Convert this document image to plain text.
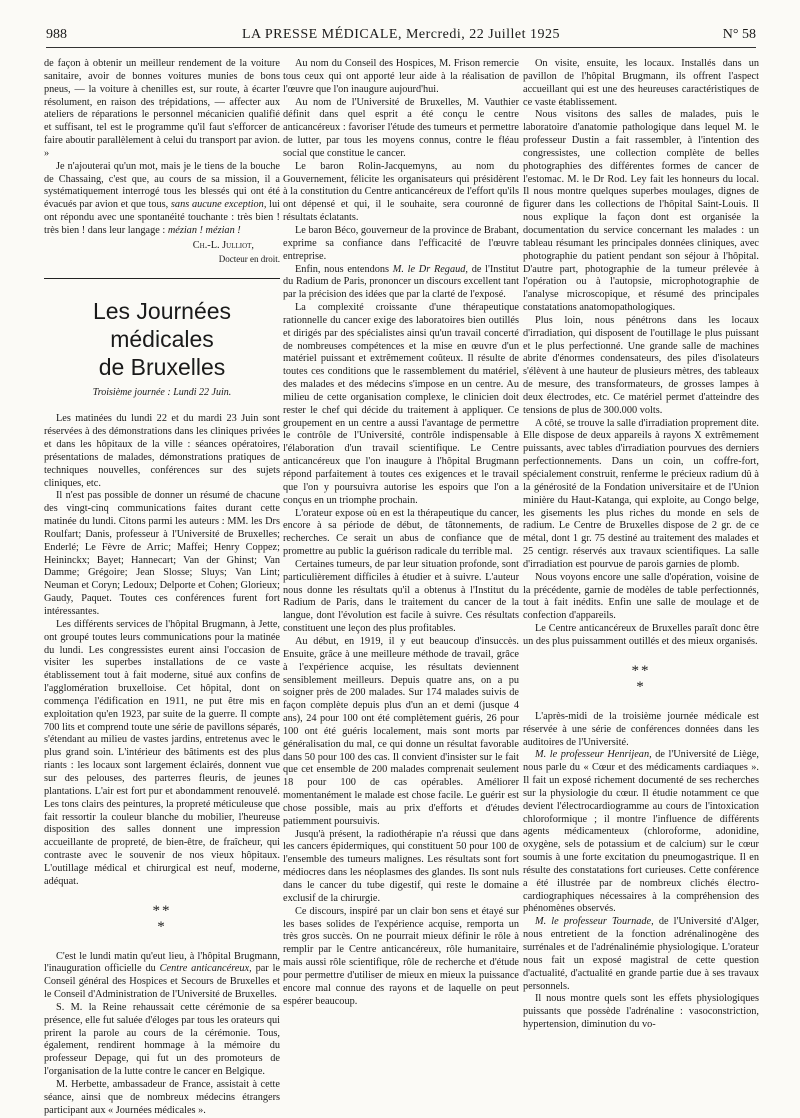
988	LA PRESSE MÉDICALE, Mercredi, 22 Juillet 1925	N° 58

de façon à obtenir un meilleur rendement de la voiture sanitaire, avoir de bonnes voitures munies de bons pneus, — la voiture à chenilles est, sur route, à écarter résolument, en raison des trépidations, — affecter aux ateliers de réparations le personnel mécanicien qualifié et suffisant, tel est le programme qu'il faut s'efforcer de faire aboutir parallèlement à celui du transport par avion. »

Je n'ajouterai qu'un mot, mais je le tiens de la bouche de Chassaing, c'est que, au cours de sa mission, il a systématiquement interrogé tous les blessés qui ont été évacués par avion et que tous, sans aucune exception, lui ont répondu avec une spontanéité touchante : très bien ! très bien ! dans leur langage : mézian ! mézian !

Ch.-L. Julliot,
Docteur en droit.
Les Journées médicales
de Bruxelles
Troisième journée : Lundi 22 Juin.

Les matinées du lundi 22 et du mardi 23 Juin sont réservées à des démonstrations dans les cliniques privées et dans les hôpitaux de la ville : séances opératoires, présentations de malades, démonstrations pratiques de techniques nouvelles, conférences sur des sujets cliniques, etc.

Il n'est pas possible de donner un résumé de chacune des vingt-cinq communications faites durant cette matinée du lundi. Citons parmi les auteurs : MM. les Drs Roulfart; Danis, professeur à l'Université de Bruxelles; Enderlé; Le Fèvre de Arric; Maffei; Henry Coppez; Heininckx; Bayet; Hannecart; Van der Ghinst; Van Damme; Grégoire; Jean Slosse; Sluys; Van Lint; Neuman et Coryn; Ledoux; Delporte et Cohen; Glorieux; Gaudy, Paquet. Toutes ces conférences furent fort intéressantes.

Les différents services de l'hôpital Brugmann, à Jette, ont groupé toutes leurs communications pour la matinée du lundi. Les congressistes eurent ainsi l'occasion de visiter les superbes installations de ce vaste établissement tout à fait moderne, situé aux confins de l'agglomération bruxelloise. Cet hôpital, dont on commença l'édification en 1911, ne put être mis en exploitation qu'en 1923, par suite de la guerre. Il compte 700 lits et comprend toute une série de pavillons séparés, s'étendant au milieu de vastes jardins, entretenus avec le plus grand soin. L'intérieur des bâtiments est des plus riants : les locaux sont largement éclairés, donnent vue sur des pelouses, des parterres fleuris, de jeunes plantations. L'air est fort pur et abondamment renouvelé. Les tons clairs des peintures, la propreté méticuleuse que fait ressortir la couleur blanche du mobilier, l'heureuse disposition des salles donnent une impression accueillante de propreté, de bien-être, de fraîcheur, qui contraste avec le souvenir de nos vieux hôpitaux. L'outillage médical et chirurgical est neuf, moderne, adéquat.

**
*

C'est le lundi matin qu'eut lieu, à l'hôpital Brugmann, l'inauguration officielle du Centre anticancéreux, par le Conseil général des Hospices et Secours de Bruxelles et le Conseil d'Administration de l'Université de Bruxelles.

S. M. la Reine rehaussait cette cérémonie de sa présence, elle fut saluée d'éloges par tous les orateurs qui prirent la parole au cours de la cérémonie. Tous, également, rendirent hommage à la mémoire du professeur Depage, qui fut un des promoteurs de l'organisation de la lutte contre le cancer en Belgique.

M. Herbette, ambassadeur de France, assistait à cette séance, ainsi que de nombreux médecins étrangers participant aux « Journées médicales ».

Au nom du Conseil des Hospices, M. Frison remercie tous ceux qui ont apporté leur aide à la réalisation de l'œuvre que l'on inaugure aujourd'hui.

Au nom de l'Université de Bruxelles, M. Vauthier définit dans quel esprit a été conçu le centre anticancéreux : favoriser l'étude des tumeurs et permettre de lutter, par tous les moyens connus, contre le fléau social que constitue le cancer.

Le baron Rolin-Jacquemyns, au nom du Gouvernement, félicite les organisateurs qui présidèrent à la constitution du Centre anticancéreux de l'effort qu'ils ont dépensé et qui, il le souhaite, sera couronné de résultats éclatants.

Le baron Béco, gouverneur de la province de Brabant, exprime sa confiance dans l'efficacité de l'œuvre entreprise.

Enfin, nous entendons M. le Dr Regaud, de l'Institut du Radium de Paris, prononcer un discours excellent tant par la précision des idées que par la clarté de l'exposé.

La complexité croissante d'une thérapeutique rationnelle du cancer exige des laboratoires bien outillés et dirigés par des spécialistes ainsi qu'un travail concerté de nombreuses compétences et la mise en œuvre d'un matériel puissant et extrêmement coûteux. Il résulte de toutes ces conditions que le rassemblement du matériel, des malades et des médecins s'impose en un centre. Au milieu de cette organisation complexe, le clinicien doit rester le chef qui décide du traitement à appliquer. Ce groupement en un centre a aussi l'avantage de permettre le contrôle de l'Université, contrôle indispensable à l'élaboration d'un travail scientifique. Le Centre anticancéreux que l'on inaugure à l'hôpital Brugmann répond parfaitement à toutes ces exigences et le travail que l'on y poursuivra autorise les espoirs que l'on a conçus en un triomphe prochain.

L'orateur expose où en est la thérapeutique du cancer, encore à sa période de début, de tâtonnements, de recherches. Ce serait un abus de confiance que de promettre au public la guérison radicale du terrible mal.

Certaines tumeurs, de par leur situation profonde, sont particulièrement difficiles à étudier et à suivre. L'auteur nous donne les résultats qu'il a obtenus à l'Institut du Radium de Paris, dans le traitement du cancer de la langue, dont l'évolution est facile à suivre. Ces résultats constituent une leçon des plus profitables.

Au début, en 1919, il y eut beaucoup d'insuccès. Ensuite, grâce à une meilleure méthode de travail, grâce à l'expérience acquise, les résultats deviennent sensiblement meilleurs. Depuis quatre ans, on a pu soigner près de 200 malades. Sur 174 malades suivis de façon complète depuis plus d'un an et demi (jusque 4 ans), 24 pour 100 ont été complètement guéris, 26 pour 100 ont été guéris localement, mais sont morts par généralisation du mal, ce qui donne un résultat favorable dans 50 pour 100 des cas. Il convient d'insister sur le fait que cet ensemble de 200 malades comprenait seulement 18 pour 100 de cas opérables. Améliorer momentanément le malade est chose facile. Le guérir est chose possible, mais au prix d'efforts et d'études patiemment poursuivis.

Jusqu'à présent, la radiothérapie n'a réussi que dans les cancers épidermiques, qui constituent 50 pour 100 de l'ensemble des tumeurs malignes. Les résultats sont fort médiocres dans les néoplasmes des glandes. Ils sont nuls dans le cancer du tube digestif, qui reste le domaine exclusif de la chirurgie.

Ce discours, inspiré par un clair bon sens et étayé sur les bases solides de l'expérience acquise, remporta un très gros succès. On ne pourrait mieux définir le rôle à remplir par le Centre anticancéreux, rôle humanitaire, mais aussi rôle scientifique, rôle de recherche et d'étude pour permettre d'utiliser de mieux en mieux la puissance encore mal connue des rayons et de laquelle on peut espérer beaucoup.

On visite, ensuite, les locaux. Installés dans un pavillon de l'hôpital Brugmann, ils offrent l'aspect accueillant qui est une des heureuses caractéristiques de ce vaste établissement.

Nous visitons des salles de malades, puis le laboratoire d'anatomie pathologique dans lequel M. le professeur Dustin a fait rassembler, à l'intention des congressistes, une collection complète de belles photographies des différentes formes de cancer de l'estomac. M. le Dr Rod. Ley fait les honneurs du local. Il nous montre quelques superbes moulages, dignes de figurer dans les collections de l'hôpital Saint-Louis. Il nous explique la façon dont est organisée la documentation du service concernant les malades : un tableau résumant les principales données cliniques, avec photographie du patient pendant son séjour à l'hôpital. D'autre part, photographie de la tumeur prélevée à l'opération ou à l'autopsie, microphotographie de l'analyse microscopique, et résumé des principales constatations anatomopathologiques.

Plus loin, nous pénétrons dans les locaux d'irradiation, qui disposent de l'outillage le plus puissant et le plus perfectionné. Une grande salle de machines abrite d'énormes condensateurs, des piles d'isolateurs s'élèvent à une hauteur de plusieurs mètres, des tableaux de mesure, des transformateurs, de grosses lampes à deux électrodes, etc. Ce matériel permet d'atteindre des tensions de plus de 300.000 volts.

A côté, se trouve la salle d'irradiation proprement dite. Elle dispose de deux appareils à rayons X extrêmement puissants, avec tables d'irradiation pourvues des derniers perfectionnements. Dans un coin, un coffre-fort, spécialement construit, renferme le précieux radium dû à la générosité de la Fondation universitaire et de l'Union minière du Haut-Katanga, qui exploite, au Congo belge, les gisements les plus riches du monde en sels de radium. Le Centre de Bruxelles dispose de 2 gr. de ce métal, dont 1 gr. 75 destiné au traitement des malades et 25 centigr. réservés aux travaux scientifiques. La salle d'irradiation est pourvue de parois garnies de plomb.

Nous voyons encore une salle d'opération, voisine de la précédente, garnie de modèles de table perfectionnés, tout à fait inédits. Enfin une salle de moulage et de confection d'appareils.

Le Centre anticancéreux de Bruxelles paraît donc être un des plus puissamment outillés et des mieux organisés.

**
*

L'après-midi de la troisième journée médicale est réservée à une série de conférences données dans les auditoires de l'Université.

M. le professeur Henrijean, de l'Université de Liège, nous parle du « Cœur et des médicaments cardiaques ». Il fait un exposé richement documenté de ses recherches sur la physiologie du cœur. Il étudie notamment ce que devient l'électrocardiogramme au cours de l'intoxication chloroformique ; il montre l'influence de différents agents médicamenteux (chloroforme, adonidine, oxygène, sels de potassium et de calcium) sur le cœur soumis à une forte excitation du pneumogastrique. Il en résulte des constatations fort curieuses. Cette conférence a été illustrée par de nombreux clichés électro-cardiographiques nécessaires à la compréhension des phénomènes observés.

M. le professeur Tournade, de l'Université d'Alger, nous entretient de la fonction adrénalinogène des surrénales et de l'adrénalinémie physiologique. L'orateur nous fait un exposé magistral de cette question d'actualité, d'actualité en grande partie due à ses travaux personnels.

Il nous montre quels sont les effets physiologiques puissants que possède l'adrénaline : vasoconstriction, hypertension, diminution du vo-
